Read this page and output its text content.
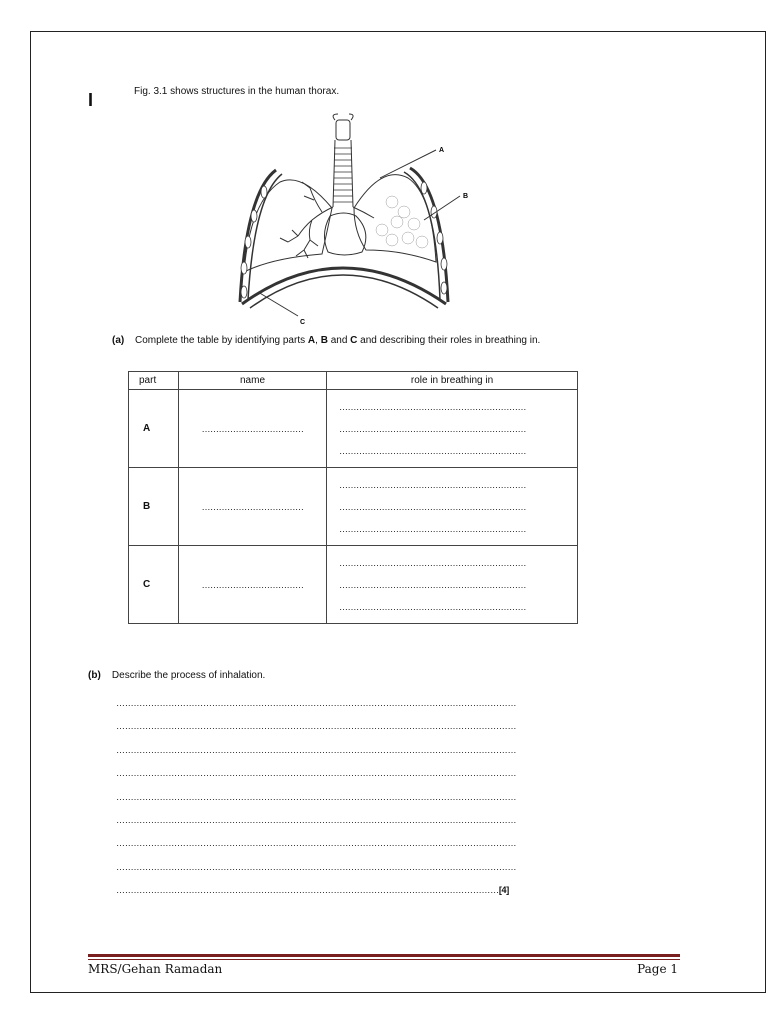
I	Fig. 3.1 shows structures in the human thorax.
A
B
C
(a) Complete the table by identifying parts A, B and C and describing their roles in breathing in.
part	name	role in breathing in
A	………………………………	…………………………………………………………
…………………………………………………………
…………………………………………………………

B	………………………………	…………………………………………………………
…………………………………………………………
…………………………………………………………

C	………………………………	…………………………………………………………
…………………………………………………………
…………………………………………………………
(b) Describe the process of inhalation.
…………………………………………………………………………………………………………………………
…………………………………………………………………………………………………………………………
…………………………………………………………………………………………………………………………
…………………………………………………………………………………………………………………………
…………………………………………………………………………………………………………………………
…………………………………………………………………………………………………………………………
…………………………………………………………………………………………………………………………
…………………………………………………………………………………………………………………………
……………………………………………………………………………………………………………………[4]
MRS/Gehan Ramadan	Page 1
